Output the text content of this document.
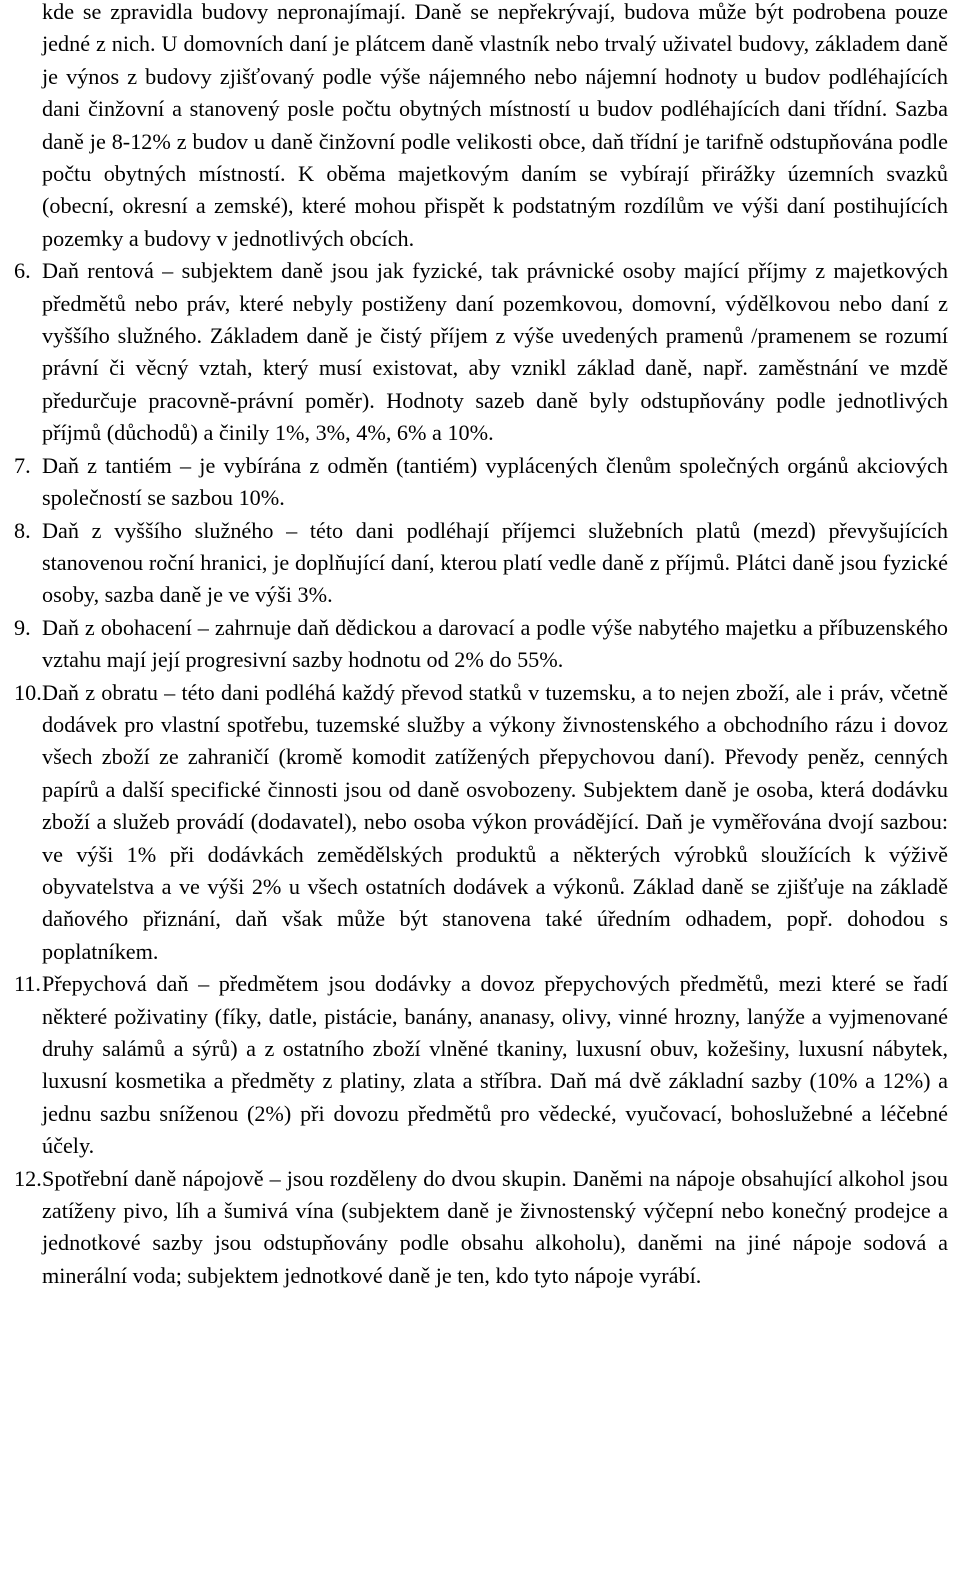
kde se zpravidla budovy nepronajímají. Daně se nepřekrývají, budova může být podrobena pouze jedné z nich. U domovních daní je plátcem daně vlastník nebo trvalý uživatel budovy, základem daně je výnos z budovy zjišťovaný podle výše nájemného nebo nájemní hodnoty u budov podléhajících dani činžovní a stanovený posle počtu obytných místností u budov podléhajících dani třídní. Sazba daně je 8-12% z budov u daně činžovní podle velikosti obce, daň třídní je tarifně odstupňována podle počtu obytných místností. K oběma majetkovým daním se vybírají přirážky územních svazků (obecní, okresní a zemské), které mohou přispět k podstatným rozdílům ve výši daní postihujících pozemky a budovy v jednotlivých obcích.

6. Daň rentová – subjektem daně jsou jak fyzické, tak právnické osoby mající příjmy z majetkových předmětů nebo práv, které nebyly postiženy daní pozemkovou, domovní, výdělkovou nebo daní z vyššího služného. Základem daně je čistý příjem z výše uvedených pramenů /pramenem se rozumí právní či věcný vztah, který musí existovat, aby vznikl základ daně, např. zaměstnání ve mzdě předurčuje pracovně-právní poměr). Hodnoty sazeb daně byly odstupňovány podle jednotlivých příjmů (důchodů) a činily 1%, 3%, 4%, 6% a 10%.
7. Daň z tantiém – je vybírána z odměn (tantiém) vyplácených členům společných orgánů akciových společností se sazbou 10%.
8. Daň z vyššího služného – této dani podléhají příjemci služebních platů (mezd) převyšujících stanovenou roční hranici, je doplňující daní, kterou platí vedle daně z příjmů. Plátci daně jsou fyzické osoby, sazba daně je ve výši 3%.
9. Daň z obohacení – zahrnuje daň dědickou a darovací a podle výše nabytého majetku a příbuzenského vztahu mají její progresivní sazby hodnotu od 2% do 55%.
10. Daň z obratu – této dani podléhá každý převod statků v tuzemsku, a to nejen zboží, ale i práv, včetně dodávek pro vlastní spotřebu, tuzemské služby a výkony živnostenského a obchodního rázu i dovoz všech zboží ze zahraničí (kromě komodit zatížených přepychovou daní). Převody peněz, cenných papírů a další specifické činnosti jsou od daně osvobozeny. Subjektem daně je osoba, která dodávku zboží a služeb provádí (dodavatel), nebo osoba výkon provádějící. Daň je vyměřována dvojí sazbou: ve výši 1% při dodávkách zemědělských produktů a některých výrobků sloužících k výživě obyvatelstva a ve výši 2% u všech ostatních dodávek a výkonů. Základ daně se zjišťuje na základě daňového přiznání, daň však může být stanovena také úředním odhadem, popř. dohodou s poplatníkem.
11. Přepychová daň – předmětem jsou dodávky a dovoz přepychových předmětů, mezi které se řadí některé poživatiny (fíky, datle, pistácie, banány, ananasy, olivy, vinné hrozny, lanýže a vyjmenované druhy salámů a sýrů) a z ostatního zboží vlněné tkaniny, luxusní obuv, kožešiny, luxusní nábytek, luxusní kosmetika a předměty z platiny, zlata a stříbra. Daň má dvě základní sazby (10% a 12%) a jednu sazbu sníženou (2%) při dovozu předmětů pro vědecké, vyučovací, bohoslužebné a léčebné účely.
12. Spotřební daně nápojově – jsou rozděleny do dvou skupin. Daněmi na nápoje obsahující alkohol jsou zatíženy pivo, líh a šumivá vína (subjektem daně je živnostenský výčepní nebo konečný prodejce a jednotkové sazby jsou odstupňovány podle obsahu alkoholu), daněmi na jiné nápoje sodová a minerální voda; subjektem jednotkové daně je ten, kdo tyto nápoje vyrábí.
